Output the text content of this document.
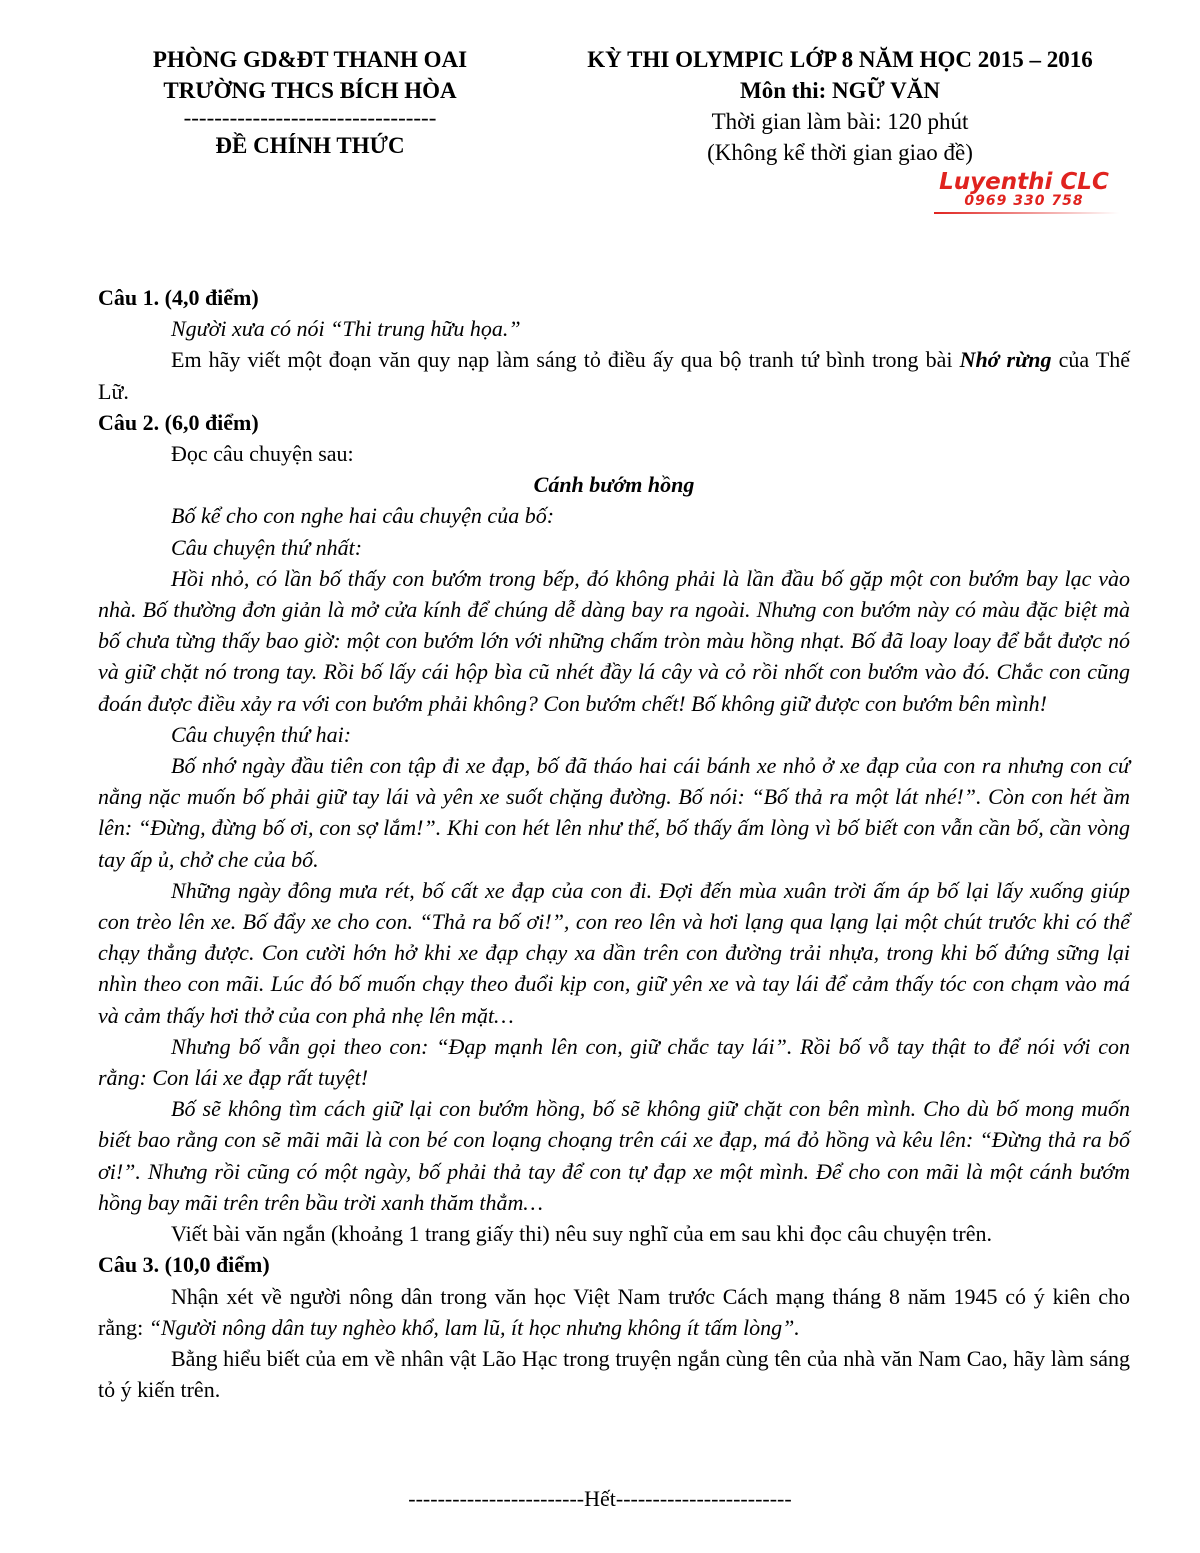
PHÒNG GD&ĐT THANH OAI
TRƯỜNG THCS BÍCH HÒA
---------------------------------
ĐỀ CHÍNH THỨC
KỲ THI OLYMPIC LỚP 8 NĂM HỌC 2015 – 2016
Môn thi: NGỮ VĂN
Thời gian làm bài: 120 phút
(Không kể thời gian giao đề)
Luyenthi CLC
0969 330 758

Câu 1. (4,0 điểm)

Người xưa có nói “Thi trung hữu họa.”

Em hãy viết một đoạn văn quy nạp làm sáng tỏ điều ấy qua bộ tranh tứ bình trong bài Nhớ rừng của Thế Lữ.

Câu 2. (6,0 điểm)

Đọc câu chuyện sau:

Cánh bướm hồng

Bố kể cho con nghe hai câu chuyện của bố:

Câu chuyện thứ nhất:

Hồi nhỏ, có lần bố thấy con bướm trong bếp, đó không phải là lần đầu bố gặp một con bướm bay lạc vào nhà. Bố thường đơn giản là mở cửa kính để chúng dễ dàng bay ra ngoài. Nhưng con bướm này có màu đặc biệt mà bố chưa từng thấy bao giờ: một con bướm lớn với những chấm tròn màu hồng nhạt. Bố đã loay loay để bắt được nó và giữ chặt nó trong tay. Rồi bố lấy cái hộp bìa cũ nhét đầy lá cây và cỏ rồi nhốt con bướm vào đó. Chắc con cũng đoán được điều xảy ra với con bướm phải không? Con bướm chết! Bố không giữ được con bướm bên mình!

Câu chuyện thứ hai:

Bố nhớ ngày đầu tiên con tập đi xe đạp, bố đã tháo hai cái bánh xe nhỏ ở xe đạp của con ra nhưng con cứ nằng nặc muốn bố phải giữ tay lái và yên xe suốt chặng đường. Bố nói: “Bố thả ra một lát nhé!”. Còn con hét ầm lên: “Đừng, đừng bố ơi, con sợ lắm!”. Khi con hét lên như thế, bố thấy ấm lòng vì bố biết con vẫn cần bố, cần vòng tay ấp ủ, chở che của bố.

Những ngày đông mưa rét, bố cất xe đạp của con đi. Đợi đến mùa xuân trời ấm áp bố lại lấy xuống giúp con trèo lên xe. Bố đẩy xe cho con. “Thả ra bố ơi!”, con reo lên và hơi lạng qua lạng lại một chút trước khi có thể chạy thẳng được. Con cười hớn hở khi xe đạp chạy xa dần trên con đường trải nhựa, trong khi bố đứng sững lại nhìn theo con mãi. Lúc đó bố muốn chạy theo đuổi kịp con, giữ yên xe và tay lái để cảm thấy tóc con chạm vào má và cảm thấy hơi thở của con phả nhẹ lên mặt…

Nhưng bố vẫn gọi theo con: “Đạp mạnh lên con, giữ chắc tay lái”. Rồi bố vỗ tay thật to để nói với con rằng: Con lái xe đạp rất tuyệt!

Bố sẽ không tìm cách giữ lại con bướm hồng, bố sẽ không giữ chặt con bên mình. Cho dù bố mong muốn biết bao rằng con sẽ mãi mãi là con bé con loạng choạng trên cái xe đạp, má đỏ hồng và kêu lên: “Đừng thả ra bố ơi!”. Nhưng rồi cũng có một ngày, bố phải thả tay để con tự đạp xe một mình. Để cho con mãi là một cánh bướm hồng bay mãi trên trên bầu trời xanh thăm thẳm…

Viết bài văn ngắn (khoảng 1 trang giấy thi) nêu suy nghĩ của em sau khi đọc câu chuyện trên.

Câu 3. (10,0 điểm)

Nhận xét về người nông dân trong văn học Việt Nam trước Cách mạng tháng 8 năm 1945 có ý kiên cho rằng: “Người nông dân tuy nghèo khổ, lam lũ, ít học nhưng không ít tấm lòng”.

Bằng hiểu biết của em về nhân vật Lão Hạc trong truyện ngắn cùng tên của nhà văn Nam Cao, hãy làm sáng tỏ ý kiến trên.

------------------------Hết------------------------
